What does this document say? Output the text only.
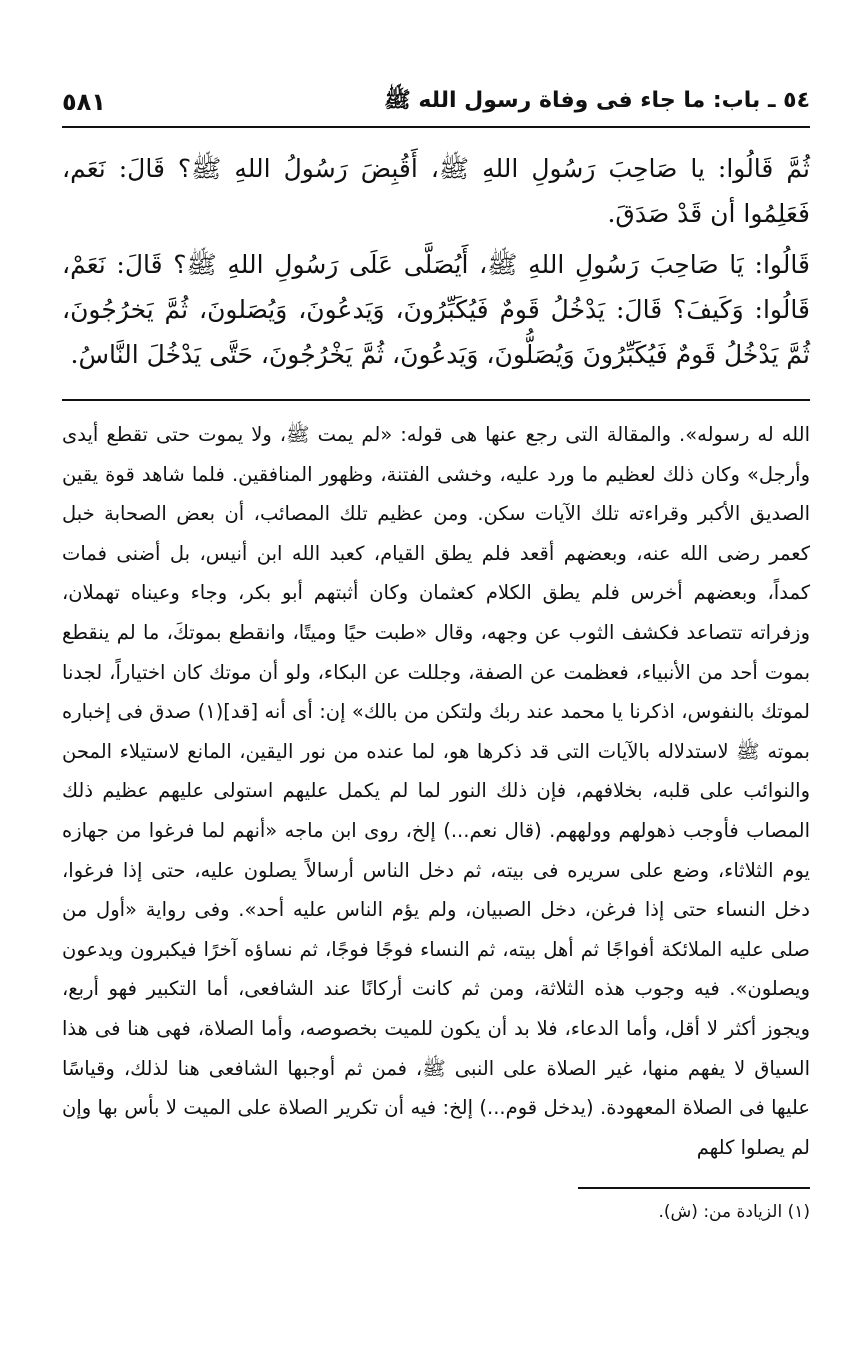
٥٤ ـ باب: ما جاء فى وفاة رسول الله ﷺ
٥٨١

ثُمَّ قَالُوا: يا صَاحِبَ رَسُولِ اللهِ ﷺ، أَقُبِضَ رَسُولُ اللهِ ﷺ؟ قَالَ: نَعَم، فَعَلِمُوا أن قَدْ صَدَقَ.

قَالُوا: يَا صَاحِبَ رَسُولِ اللهِ ﷺ، أَيُصَلَّى عَلَى رَسُولِ اللهِ ﷺ؟ قَالَ: نَعَمْ، قَالُوا: وَكَيفَ؟ قَالَ: يَدْخُلُ قَومٌ فَيُكَبِّرُونَ، وَيَدعُونَ، وَيُصَلونَ، ثُمَّ يَخرُجُونَ، ثُمَّ يَدْخُلُ قَومٌ فَيُكَبِّرُونَ وَيُصَلُّونَ، وَيَدعُونَ، ثُمَّ يَخْرُجُونَ، حَتَّى يَدْخُلَ النَّاسُ.

الله له رسوله». والمقالة التى رجع عنها هى قوله: «لم يمت ﷺ، ولا يموت حتى تقطع أيدى وأرجل» وكان ذلك لعظيم ما ورد عليه، وخشى الفتنة، وظهور المنافقين. فلما شاهد قوة يقين الصديق الأكبر وقراءته تلك الآيات سكن. ومن عظيم تلك المصائب، أن بعض الصحابة خبل كعمر رضى الله عنه، وبعضهم أقعد فلم يطق القيام، كعبد الله ابن أنيس، بل أضنى فمات كمداً، وبعضهم أخرس فلم يطق الكلام كعثمان وكان أثبتهم أبو بكر، وجاء وعيناه تهملان، وزفراته تتصاعد فكشف الثوب عن وجهه، وقال «طبت حيًا وميتًا، وانقطع بموتكَ، ما لم ينقطع بموت أحد من الأنبياء، فعظمت عن الصفة، وجللت عن البكاء، ولو أن موتك كان اختياراً، لجدنا لموتك بالنفوس، اذكرنا يا محمد عند ربك ولتكن من بالك» إن: أى أنه [قد](١) صدق فى إخباره بموته ﷺ لاستدلاله بالآيات التى قد ذكرها هو، لما عنده من نور اليقين، المانع لاستيلاء المحن والنوائب على قلبه، بخلافهم، فإن ذلك النور لما لم يكمل عليهم استولى عليهم عظيم ذلك المصاب فأوجب ذهولهم وولههم. (قال نعم...) إلخ، روى ابن ماجه «أنهم لما فرغوا من جهازه يوم الثلاثاء، وضع على سريره فى بيته، ثم دخل الناس أرسالاً يصلون عليه، حتى إذا فرغوا، دخل النساء حتى إذا فرغن، دخل الصبيان، ولم يؤم الناس عليه أحد». وفى رواية «أول من صلى عليه الملائكة أفواجًا ثم أهل بيته، ثم النساء فوجًا فوجًا، ثم نساؤه آخرًا فيكبرون ويدعون ويصلون». فيه وجوب هذه الثلاثة، ومن ثم كانت أركانًا عند الشافعى، أما التكبير فهو أربع، ويجوز أكثر لا أقل، وأما الدعاء، فلا بد أن يكون للميت بخصوصه، وأما الصلاة، فهى هنا فى هذا السياق لا يفهم منها، غير الصلاة على النبى ﷺ، فمن ثم أوجبها الشافعى هنا لذلك، وقياسًا عليها فى الصلاة المعهودة. (يدخل قوم...) إلخ: فيه أن تكرير الصلاة على الميت لا بأس بها وإن لم يصلوا كلهم

(١) الزيادة من: (ش).
